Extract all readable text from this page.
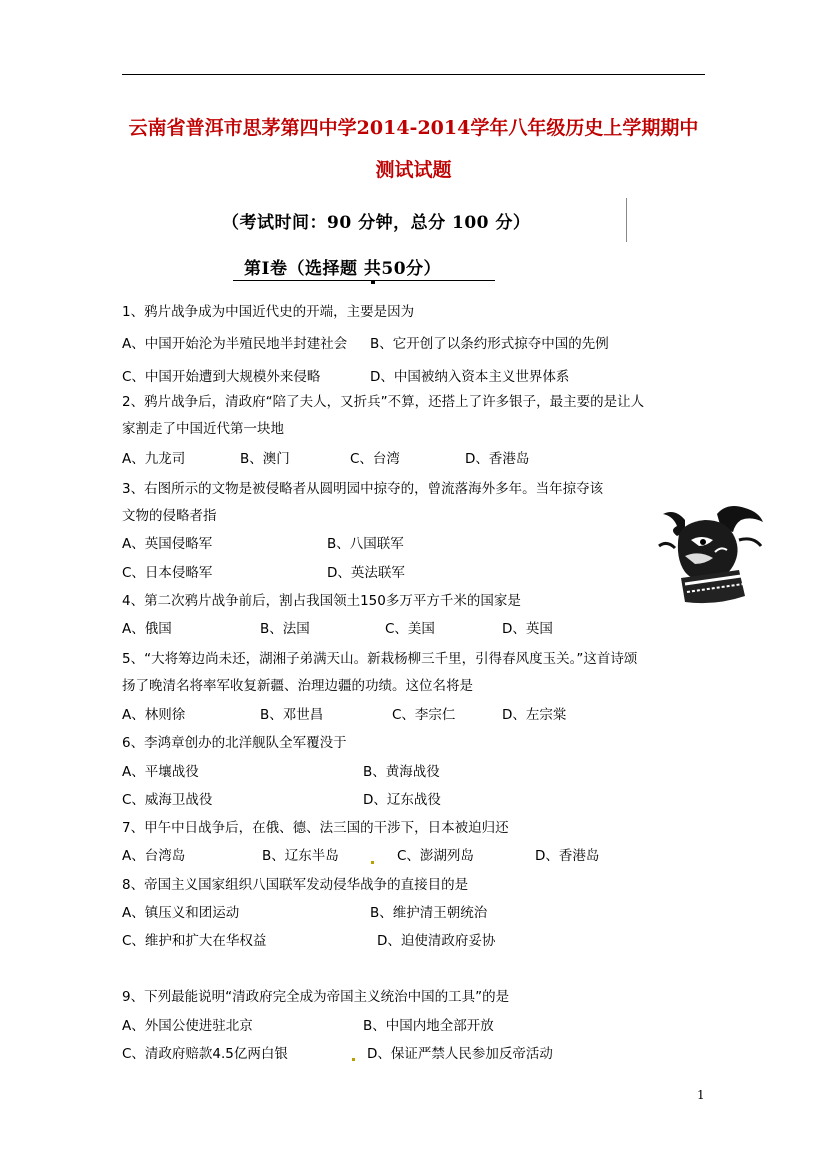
云南省普洱市思茅第四中学2014-2014学年八年级历史上学期期中
测试试题
（考试时间：90 分钟，总分 100 分）
第Ⅰ卷（选择题 共50分）
1、鸦片战争成为中国近代史的开端，主要是因为
A、中国开始沦为半殖民地半封建社会 B、它开创了以条约形式掠夺中国的先例
C、中国开始遭到大规模外来侵略	D、中国被纳入资本主义世界体系
2、鸦片战争后，清政府“陪了夫人，又折兵”不算，还搭上了许多银子，最主要的是让人
家割走了中国近代第一块地
A、九龙司	B、澳门	C、台湾	D、香港岛
3、右图所示的文物是被侵略者从圆明园中掠夺的，曾流落海外多年。当年掠夺该
文物的侵略者指
A、英国侵略军	B、八国联军
C、日本侵略军	D、英法联军
4、第二次鸦片战争前后，割占我国领土150多万平方千米的国家是
A、俄国	B、法国	C、美国	D、英国
5、“大将筹边尚未还，湖湘子弟满天山。新栽杨柳三千里，引得春风度玉关。”这首诗颂
扬了晚清名将率军收复新疆、治理边疆的功绩。这位名将是
A、林则徐	B、邓世昌	C、李宗仁	D、左宗棠
6、李鸿章创办的北洋舰队全军覆没于
A、平壤战役	B、黄海战役
C、威海卫战役	D、辽东战役
7、甲午中日战争后，在俄、德、法三国的干涉下，日本被迫归还
A、台湾岛	B、辽东半岛	C、澎湖列岛	D、香港岛
8、帝国主义国家组织八国联军发动侵华战争的直接目的是
A、镇压义和团运动	B、维护清王朝统治
C、维护和扩大在华权益	D、迫使清政府妥协
9、下列最能说明“清政府完全成为帝国主义统治中国的工具”的是
A、外国公使进驻北京	B、中国内地全部开放
C、清政府赔款4.5亿两白银	D、保证严禁人民参加反帝活动
1
